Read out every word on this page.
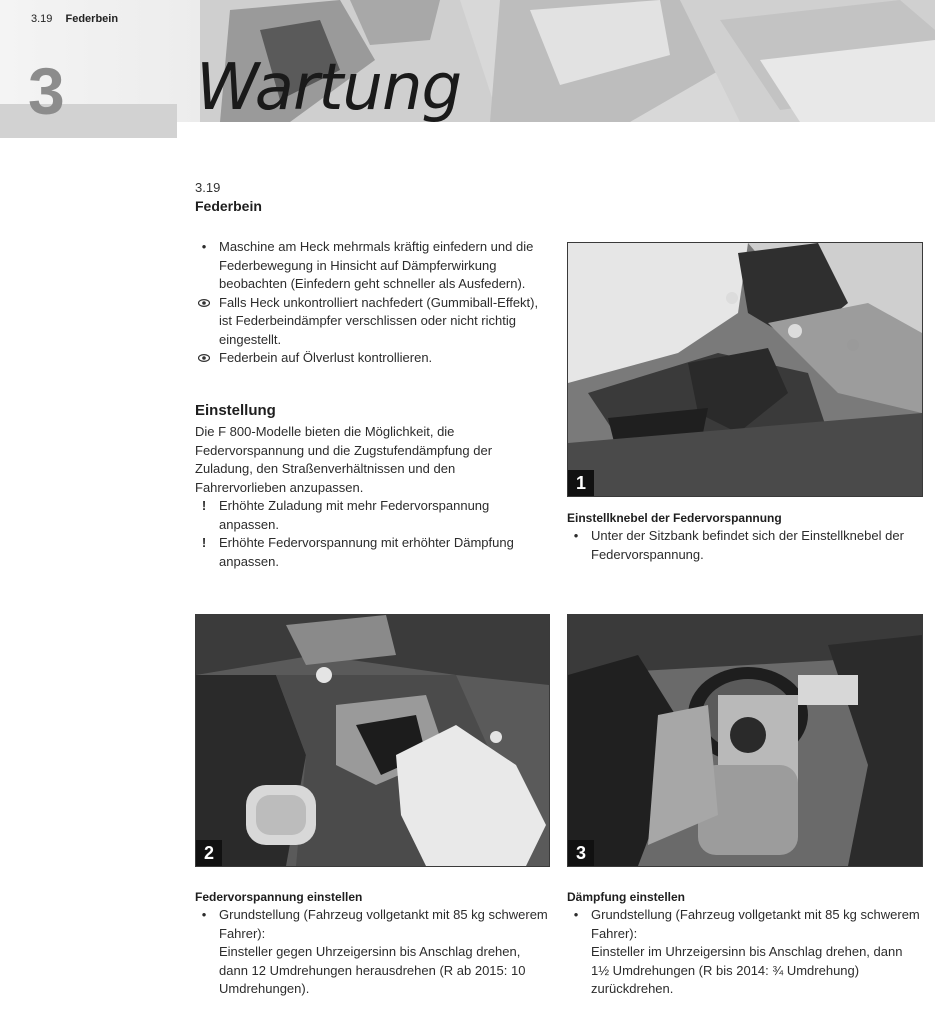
3.19 Federbein
3 Wartung
3.19
Federbein
• Maschine am Heck mehrmals kräftig einfedern und die Federbewegung in Hinsicht auf Dämpferwirkung beobachten (Einfedern geht schneller als Ausfedern).
Falls Heck unkontrolliert nachfedert (Gummiball-Effekt), ist Federbeindämpfer verschlissen oder nicht richtig eingestellt.
Federbein auf Ölverlust kontrollieren.
Einstellung
Die F 800-Modelle bieten die Möglichkeit, die Federvorspannung und die Zugstufendämpfung der Zuladung, den Straßenverhältnissen und den Fahrervorlieben anzupassen.
! Erhöhte Zuladung mit mehr Federvorspannung anpassen.
! Erhöhte Federvorspannung mit erhöhter Dämpfung anpassen.
1
Einstellknebel der Federvorspannung
• Unter der Sitzbank befindet sich der Einstellknebel der Federvorspannung.
2
Federvorspannung einstellen
• Grundstellung (Fahrzeug vollgetankt mit 85 kg schwerem Fahrer):
Einsteller gegen Uhrzeigersinn bis Anschlag drehen, dann 12 Umdrehungen herausdrehen (R ab 2015: 10 Umdrehungen).
3
Dämpfung einstellen
• Grundstellung (Fahrzeug vollgetankt mit 85 kg schwerem Fahrer):
Einsteller im Uhrzeigersinn bis Anschlag drehen, dann 1½ Umdrehungen (R bis 2014: ¾ Umdrehung) zurückdrehen.
